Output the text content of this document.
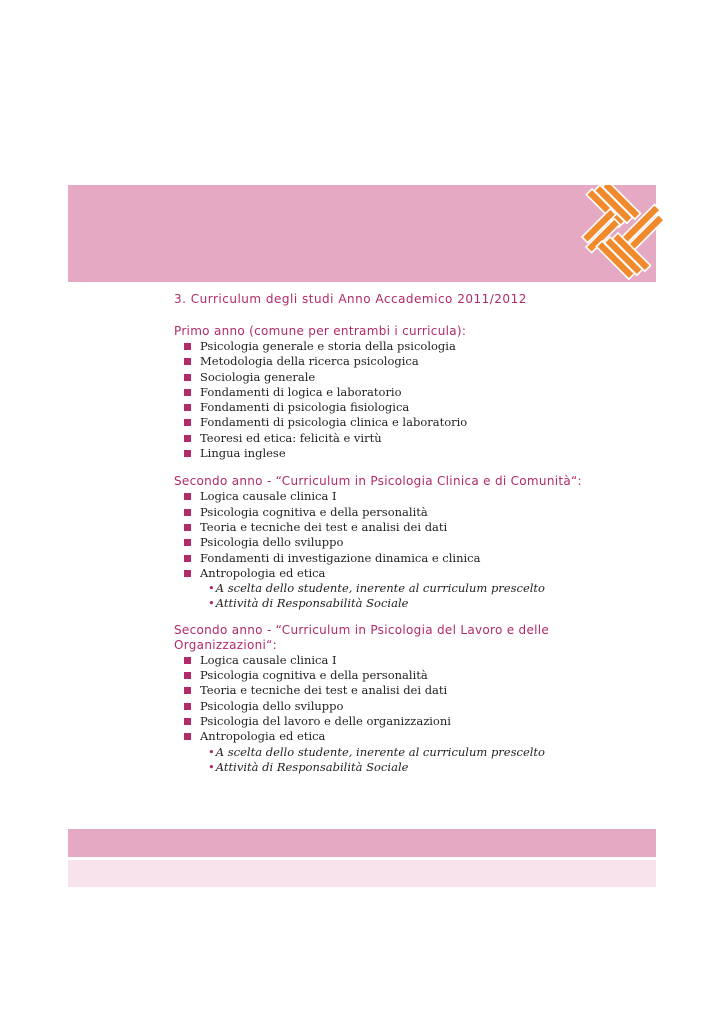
3. Curriculum degli studi Anno Accademico 2011/2012

Primo anno (comune per entrambi i curricula):

Psicologia generale e storia della psicologia
Metodologia della ricerca psicologica
Sociologia generale
Fondamenti di logica e laboratorio
Fondamenti di psicologia fisiologica
Fondamenti di psicologia clinica e laboratorio
Teoresi ed etica: felicità e virtù
Lingua inglese

Secondo anno - “Curriculum in Psicologia Clinica e di Comunità“:

Logica causale clinica I
Psicologia cognitiva e della personalità
Teoria e tecniche dei test e analisi dei dati
Psicologia dello sviluppo
Fondamenti di investigazione dinamica e clinica
Antropologia ed etica
•A scelta dello studente, inerente al curriculum prescelto
•Attività di Responsabilità Sociale

Secondo anno - “Curriculum in Psicologia del Lavoro e delle

Organizzazioni“:

Logica causale clinica I
Psicologia cognitiva e della personalità
Teoria e tecniche dei test e analisi dei dati
Psicologia dello sviluppo
Psicologia del lavoro e delle organizzazioni
Antropologia ed etica
•A scelta dello studente, inerente al curriculum prescelto
•Attività di Responsabilità Sociale
